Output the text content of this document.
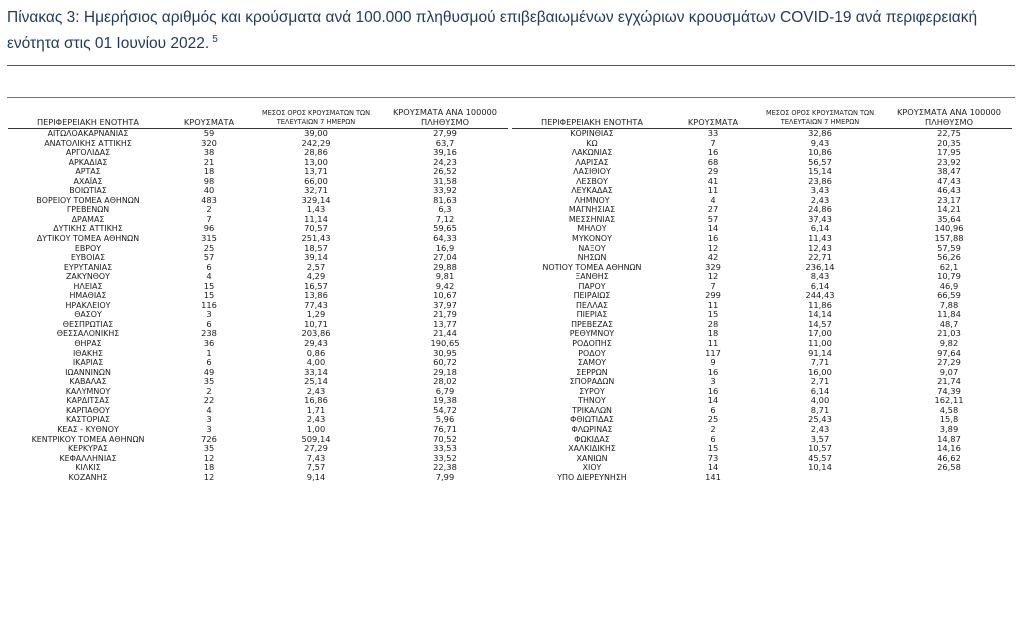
Πίνακας 3: Ημερήσιος αριθμός και κρούσματα ανά 100.000 πληθυσμού επιβεβαιωμένων εγχώριων κρουσμάτων COVID-19 ανά περιφερειακή ενότητα στις 01 Ιουνίου 2022. $^5$

ΠΕΡΙΦΕΡΕΙΑΚΗ ΕΝΟΤΗΤΑ	ΚΡΟΥΣΜΑΤΑ	ΜΕΣΟΣ ΟΡΟΣ ΚΡΟΥΣΜΑΤΩΝ ΤΩΝ ΤΕΛΕΥΤΑΙΩΝ 7 ΗΜΕΡΩΝ	ΚΡΟΥΣΜΑΤΑ ΑΝΑ 100000 ΠΛΗΘΥΣΜΟ
ΑΙΤΩΛΟΑΚΑΡΝΑΝΙΑΣ	59	39,00	27,99
ΑΝΑΤΟΛΙΚΗΣ ΑΤΤΙΚΗΣ	320	242,29	63,7
ΑΡΓΟΛΙΔΑΣ	38	28,86	39,16
ΑΡΚΑΔΙΑΣ	21	13,00	24,23
ΑΡΤΑΣ	18	13,71	26,52
ΑΧΑΪΑΣ	98	66,00	31,58
ΒΟΙΩΤΙΑΣ	40	32,71	33,92
ΒΟΡΕΙΟΥ ΤΟΜΕΑ ΑΘΗΝΩΝ	483	329,14	81,63
ΓΡΕΒΕΝΩΝ	2	1,43	6,3
ΔΡΑΜΑΣ	7	11,14	7,12
ΔΥΤΙΚΗΣ ΑΤΤΙΚΗΣ	96	70,57	59,65
ΔΥΤΙΚΟΥ ΤΟΜΕΑ ΑΘΗΝΩΝ	315	251,43	64,33
ΕΒΡΟΥ	25	18,57	16,9
ΕΥΒΟΙΑΣ	57	39,14	27,04
ΕΥΡΥΤΑΝΙΑΣ	6	2,57	29,88
ΖΑΚΥΝΘΟΥ	4	4,29	9,81
ΗΛΕΙΑΣ	15	16,57	9,42
ΗΜΑΘΙΑΣ	15	13,86	10,67
ΗΡΑΚΛΕΙΟΥ	116	77,43	37,97
ΘΑΣΟΥ	3	1,29	21,79
ΘΕΣΠΡΩΤΙΑΣ	6	10,71	13,77
ΘΕΣΣΑΛΟΝΙΚΗΣ	238	203,86	21,44
ΘΗΡΑΣ	36	29,43	190,65
ΙΘΑΚΗΣ	1	0,86	30,95
ΙΚΑΡΙΑΣ	6	4,00	60,72
ΙΩΑΝΝΙΝΩΝ	49	33,14	29,18
ΚΑΒΑΛΑΣ	35	25,14	28,02
ΚΑΛΥΜΝΟΥ	2	2,43	6,79
ΚΑΡΔΙΤΣΑΣ	22	16,86	19,38
ΚΑΡΠΑΘΟΥ	4	1,71	54,72
ΚΑΣΤΟΡΙΑΣ	3	2,43	5,96
ΚΕΑΣ - ΚΥΘΝΟΥ	3	1,00	76,71
ΚΕΝΤΡΙΚΟΥ ΤΟΜΕΑ ΑΘΗΝΩΝ	726	509,14	70,52
ΚΕΡΚΥΡΑΣ	35	27,29	33,53
ΚΕΦΑΛΛΗΝΙΑΣ	12	7,43	33,52
ΚΙΛΚΙΣ	18	7,57	22,38
ΚΟΖΑΝΗΣ	12	9,14	7,99
ΠΕΡΙΦΕΡΕΙΑΚΗ ΕΝΟΤΗΤΑ	ΚΡΟΥΣΜΑΤΑ	ΜΕΣΟΣ ΟΡΟΣ ΚΡΟΥΣΜΑΤΩΝ ΤΩΝ ΤΕΛΕΥΤΑΙΩΝ 7 ΗΜΕΡΩΝ	ΚΡΟΥΣΜΑΤΑ ΑΝΑ 100000 ΠΛΗΘΥΣΜΟ
ΚΟΡΙΝΘΙΑΣ	33	32,86	22,75
ΚΩ	7	9,43	20,35
ΛΑΚΩΝΙΑΣ	16	10,86	17,95
ΛΑΡΙΣΑΣ	68	56,57	23,92
ΛΑΣΙΘΙΟΥ	29	15,14	38,47
ΛΕΣΒΟΥ	41	23,86	47,43
ΛΕΥΚΑΔΑΣ	11	3,43	46,43
ΛΗΜΝΟΥ	4	2,43	23,17
ΜΑΓΝΗΣΙΑΣ	27	24,86	14,21
ΜΕΣΣΗΝΙΑΣ	57	37,43	35,64
ΜΗΛΟΥ	14	6,14	140,96
ΜΥΚΟΝΟΥ	16	11,43	157,88
ΝΑΞΟΥ	12	12,43	57,59
ΝΗΣΩΝ	42	22,71	56,26
ΝΟΤΙΟΥ ΤΟΜΕΑ ΑΘΗΝΩΝ	329	236,14	62,1
ΞΑΝΘΗΣ	12	8,43	10,79
ΠΑΡΟΥ	7	6,14	46,9
ΠΕΙΡΑΙΩΣ	299	244,43	66,59
ΠΕΛΛΑΣ	11	11,86	7,88
ΠΙΕΡΙΑΣ	15	14,14	11,84
ΠΡΕΒΕΖΑΣ	28	14,57	48,7
ΡΕΘΥΜΝΟΥ	18	17,00	21,03
ΡΟΔΟΠΗΣ	11	11,00	9,82
ΡΟΔΟΥ	117	91,14	97,64
ΣΑΜΟΥ	9	7,71	27,29
ΣΕΡΡΩΝ	16	16,00	9,07
ΣΠΟΡΑΔΩΝ	3	2,71	21,74
ΣΥΡΟΥ	16	6,14	74,39
ΤΗΝΟΥ	14	4,00	162,11
ΤΡΙΚΑΛΩΝ	6	8,71	4,58
ΦΘΙΩΤΙΔΑΣ	25	25,43	15,8
ΦΛΩΡΙΝΑΣ	2	2,43	3,89
ΦΩΚΙΔΑΣ	6	3,57	14,87
ΧΑΛΚΙΔΙΚΗΣ	15	10,57	14,16
ΧΑΝΙΩΝ	73	45,57	46,62
ΧΙΟΥ	14	10,14	26,58
ΥΠΟ ΔΙΕΡΕΥΝΗΣΗ	141		
